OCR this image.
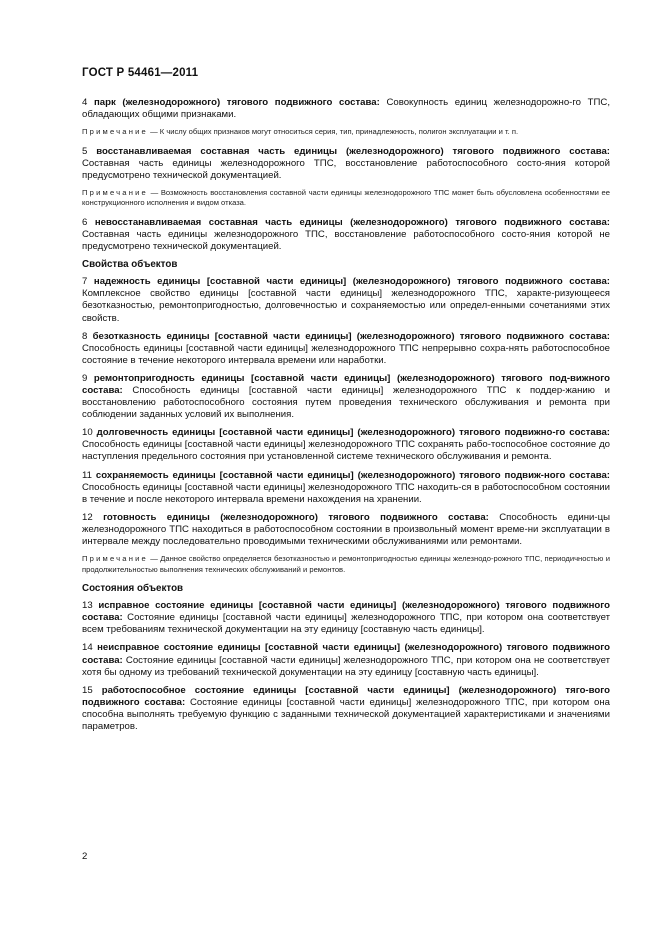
ГОСТ Р 54461—2011

4 парк (железнодорожного) тягового подвижного состава: Совокупность единиц железнодорожно-го ТПС, обладающих общими признаками.

Примечание — К числу общих признаков могут относиться серия, тип, принадлежность, полигон эксплуатации и т. п.

5 восстанавливаемая составная часть единицы (железнодорожного) тягового подвижного состава: Составная часть единицы железнодорожного ТПС, восстановление работоспособного состо-яния которой предусмотрено технической документацией.

Примечание — Возможность восстановления составной части единицы железнодорожного ТПС может быть обусловлена особенностями ее конструкционного исполнения и видом отказа.

6 невосстанавливаемая составная часть единицы (железнодорожного) тягового подвижного состава: Составная часть единицы железнодорожного ТПС, восстановление работоспособного состо-яния которой не предусмотрено технической документацией.

Свойства объектов

7 надежность единицы [составной части единицы] (железнодорожного) тягового подвижного состава: Комплексное свойство единицы [составной части единицы] железнодорожного ТПС, характе-ризующееся безотказностью, ремонтопригодностью, долговечностью и сохраняемостью или определ-енными сочетаниями этих свойств.

8 безотказность единицы [составной части единицы] (железнодорожного) тягового подвижного состава: Способность единицы [составной части единицы] железнодорожного ТПС непрерывно сохра-нять работоспособное состояние в течение некоторого интервала времени или наработки.

9 ремонтопригодность единицы [составной части единицы] (железнодорожного) тягового под-вижного состава: Способность единицы [составной части единицы] железнодорожного ТПС к поддер-жанию и восстановлению работоспособного состояния путем проведения технического обслуживания и ремонта при соблюдении заданных условий их выполнения.

10 долговечность единицы [составной части единицы] (железнодорожного) тягового подвижно-го состава: Способность единицы [составной части единицы] железнодорожного ТПС сохранять рабо-тоспособное состояние до наступления предельного состояния при установленной системе технического обслуживания и ремонта.

11 сохраняемость единицы [составной части единицы] (железнодорожного) тягового подвиж-ного состава: Способность единицы [составной части единицы] железнодорожного ТПС находить-ся в работоспособном состоянии в течение и после некоторого интервала времени нахождения на хранении.

12 готовность единицы (железнодорожного) тягового подвижного состава: Способность едини-цы железнодорожного ТПС находиться в работоспособном состоянии в произвольный момент време-ни эксплуатации в интервале между последовательно проводимыми техническими обслуживаниями или ремонтами.

Примечание — Данное свойство определяется безотказностью и ремонтопригодностью единицы железнодо-рожного ТПС, периодичностью и продолжительностью выполнения технических обслуживаний и ремонтов.

Состояния объектов

13 исправное состояние единицы [составной части единицы] (железнодорожного) тягового подвижного состава: Состояние единицы [составной части единицы] железнодорожного ТПС, при котором она соответствует всем требованиям технической документации на эту единицу [составную часть единицы].

14 неисправное состояние единицы [составной части единицы] (железнодорожного) тягового подвижного состава: Состояние единицы [составной части единицы] железнодорожного ТПС, при котором она не соответствует хотя бы одному из требований технической документации на эту единицу [составную часть единицы].

15 работоспособное состояние единицы [составной части единицы] (железнодорожного) тяго-вого подвижного состава: Состояние единицы [составной части единицы] железнодорожного ТПС, при котором она способна выполнять требуемую функцию с заданными технической документацией характеристиками и значениями параметров.

2
